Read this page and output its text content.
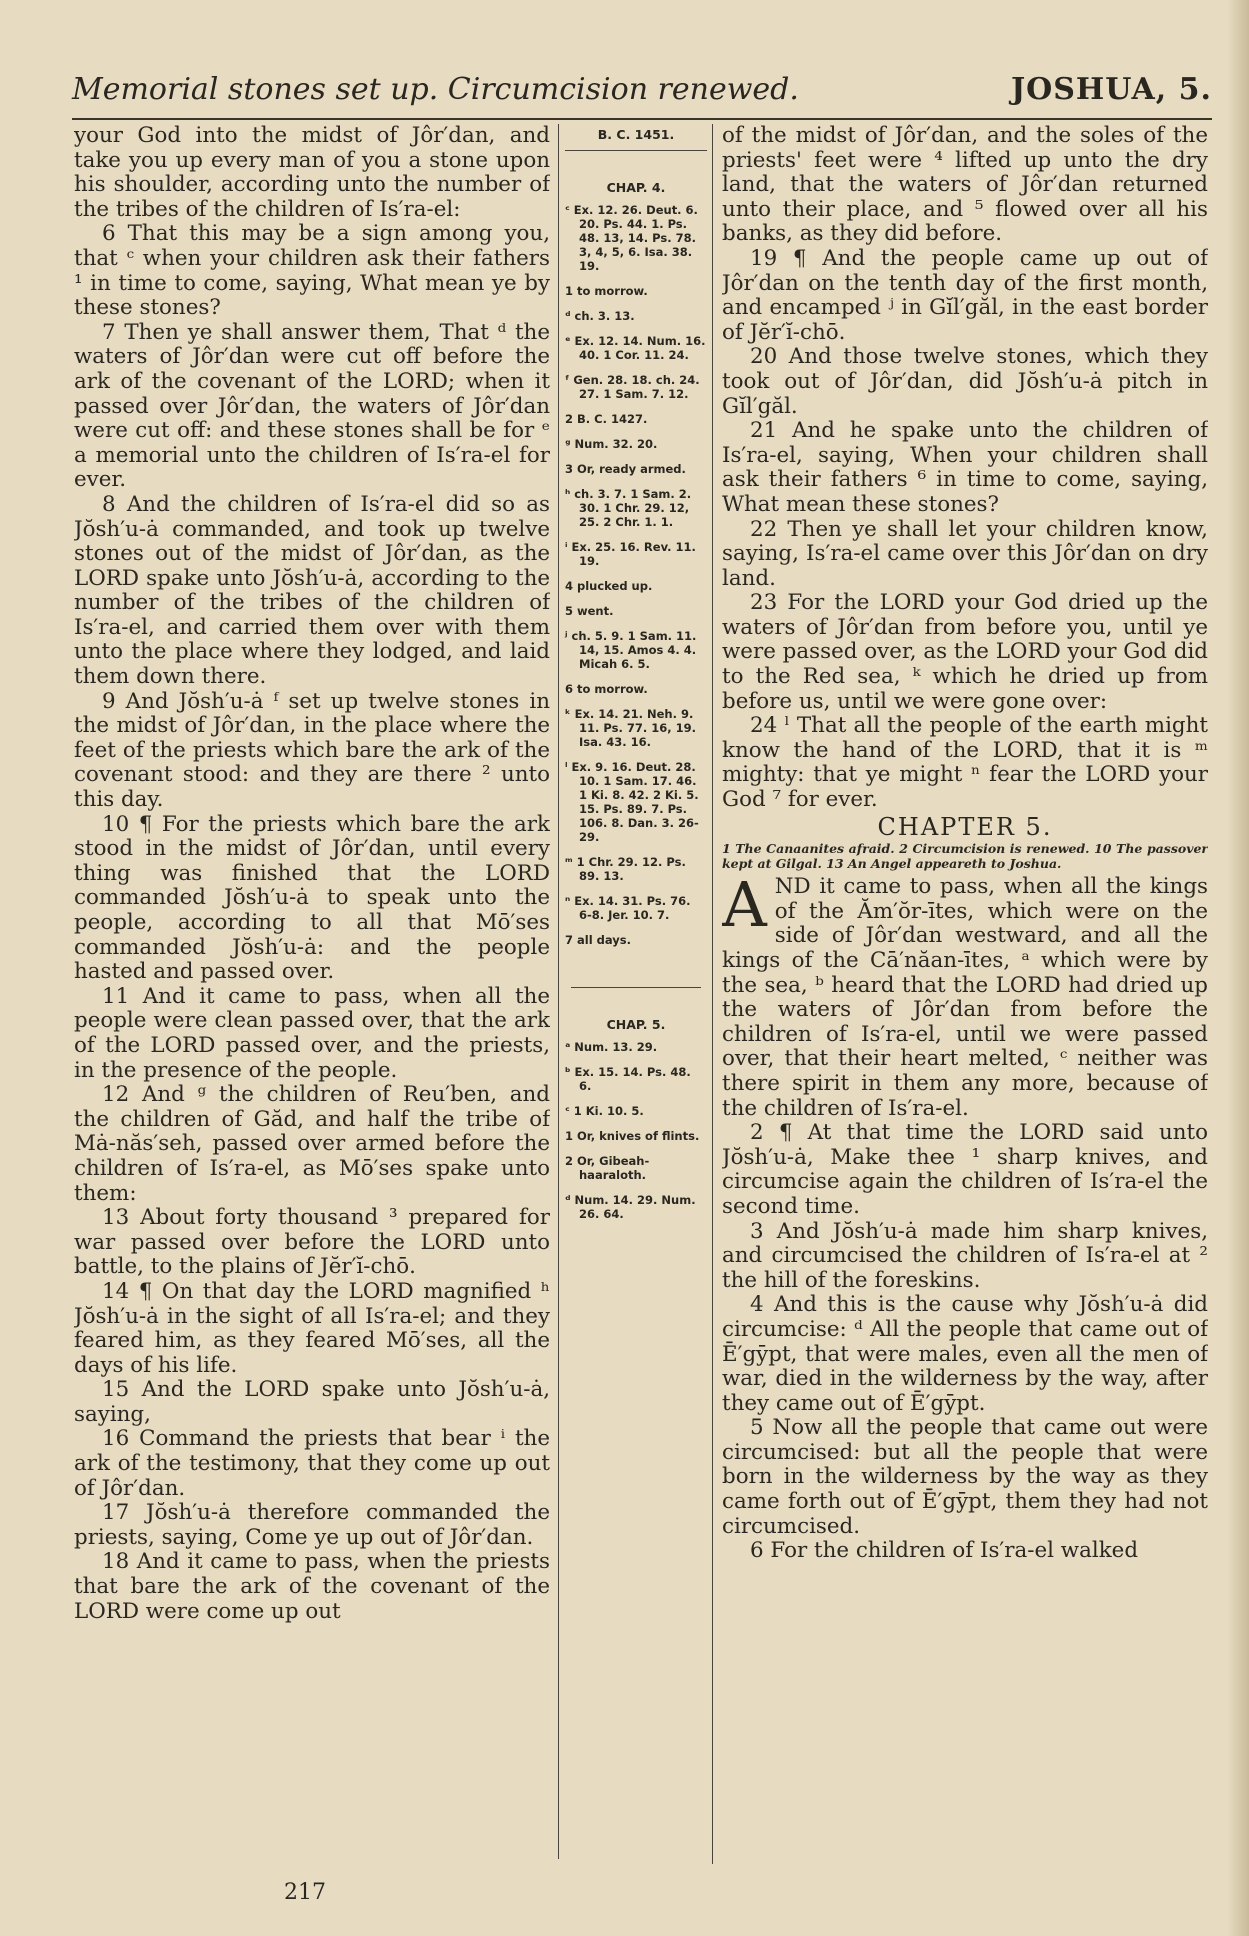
Memorial stones set up. Circumcision renewed.	JOSHUA, 5.

your God into the midst of Jôr′dan, and take you up every man of you a stone upon his shoulder, according unto the number of the tribes of the children of Is′ra-el:

6 That this may be a sign among you, that ᶜ when your children ask their fathers ¹ in time to come, saying, What mean ye by these stones?

7 Then ye shall answer them, That ᵈ the waters of Jôr′dan were cut off before the ark of the covenant of the LORD; when it passed over Jôr′dan, the waters of Jôr′dan were cut off: and these stones shall be for ᵉ a memorial unto the children of Is′ra-el for ever.

8 And the children of Is′ra-el did so as Jŏsh′u-ȧ commanded, and took up twelve stones out of the midst of Jôr′dan, as the LORD spake unto Jŏsh′u-ȧ, according to the number of the tribes of the children of Is′ra-el, and carried them over with them unto the place where they lodged, and laid them down there.

9 And Jŏsh′u-ȧ ᶠ set up twelve stones in the midst of Jôr′dan, in the place where the feet of the priests which bare the ark of the covenant stood: and they are there ² unto this day.

10 ¶ For the priests which bare the ark stood in the midst of Jôr′dan, until every thing was finished that the LORD commanded Jŏsh′u-ȧ to speak unto the people, according to all that Mō′ses commanded Jŏsh′u-ȧ: and the people hasted and passed over.

11 And it came to pass, when all the people were clean passed over, that the ark of the LORD passed over, and the priests, in the presence of the people.

12 And ᵍ the children of Reu′ben, and the children of Găd, and half the tribe of Mȧ-năs′seh, passed over armed before the children of Is′ra-el, as Mō′ses spake unto them:

13 About forty thousand ³ prepared for war passed over before the LORD unto battle, to the plains of Jĕr′ĭ-chō.

14 ¶ On that day the LORD magnified ʰ Jŏsh′u-ȧ in the sight of all Is′ra-el; and they feared him, as they feared Mō′ses, all the days of his life.

15 And the LORD spake unto Jŏsh′u-ȧ, saying,

16 Command the priests that bear ⁱ the ark of the testimony, that they come up out of Jôr′dan.

17 Jŏsh′u-ȧ therefore commanded the priests, saying, Come ye up out of Jôr′dan.

18 And it came to pass, when the priests that bare the ark of the covenant of the LORD were come up out

B. C. 1451.
CHAP. 4.
ᶜ Ex. 12. 26. Deut. 6. 20. Ps. 44. 1. Ps. 48. 13, 14. Ps. 78. 3, 4, 5, 6. Isa. 38. 19.
1 to morrow.
ᵈ ch. 3. 13.
ᵉ Ex. 12. 14. Num. 16. 40. 1 Cor. 11. 24.
ᶠ Gen. 28. 18. ch. 24. 27. 1 Sam. 7. 12.
2 B. C. 1427.
ᵍ Num. 32. 20.
3 Or, ready armed.
ʰ ch. 3. 7. 1 Sam. 2. 30. 1 Chr. 29. 12, 25. 2 Chr. 1. 1.
ⁱ Ex. 25. 16. Rev. 11. 19.
4 plucked up.
5 went.
ʲ ch. 5. 9. 1 Sam. 11. 14, 15. Amos 4. 4. Micah 6. 5.
6 to morrow.
ᵏ Ex. 14. 21. Neh. 9. 11. Ps. 77. 16, 19. Isa. 43. 16.
ˡ Ex. 9. 16. Deut. 28. 10. 1 Sam. 17. 46. 1 Ki. 8. 42. 2 Ki. 5. 15. Ps. 89. 7. Ps. 106. 8. Dan. 3. 26-29.
ᵐ 1 Chr. 29. 12. Ps. 89. 13.
ⁿ Ex. 14. 31. Ps. 76. 6-8. Jer. 10. 7.
7 all days.
CHAP. 5.
ᵃ Num. 13. 29.
ᵇ Ex. 15. 14. Ps. 48. 6.
ᶜ 1 Ki. 10. 5.
1 Or, knives of flints.
2 Or, Gibeah-haaraloth.
ᵈ Num. 14. 29. Num. 26. 64.

of the midst of Jôr′dan, and the soles of the priests' feet were ⁴ lifted up unto the dry land, that the waters of Jôr′dan returned unto their place, and ⁵ flowed over all his banks, as they did before.

19 ¶ And the people came up out of Jôr′dan on the tenth day of the first month, and encamped ʲ in Gĭl′găl, in the east border of Jĕr′ĭ-chō.

20 And those twelve stones, which they took out of Jôr′dan, did Jŏsh′u-ȧ pitch in Gĭl′găl.

21 And he spake unto the children of Is′ra-el, saying, When your children shall ask their fathers ⁶ in time to come, saying, What mean these stones?

22 Then ye shall let your children know, saying, Is′ra-el came over this Jôr′dan on dry land.

23 For the LORD your God dried up the waters of Jôr′dan from before you, until ye were passed over, as the LORD your God did to the Red sea, ᵏ which he dried up from before us, until we were gone over:

24 ˡ That all the people of the earth might know the hand of the LORD, that it is ᵐ mighty: that ye might ⁿ fear the LORD your God ⁷ for ever.

CHAPTER 5.
1 The Canaanites afraid. 2 Circumcision is renewed. 10 The passover kept at Gilgal. 13 An Angel appeareth to Joshua.
A ND it came to pass, when all the kings of the Ăm′ŏr-ītes, which were on the side of Jôr′dan westward, and all the kings of the Cā′năan-ītes, ᵃ which were by the sea, ᵇ heard that the LORD had dried up the waters of Jôr′dan from before the children of Is′ra-el, until we were passed over, that their heart melted, ᶜ neither was there spirit in them any more, because of the children of Is′ra-el.

2 ¶ At that time the LORD said unto Jŏsh′u-ȧ, Make thee ¹ sharp knives, and circumcise again the children of Is′ra-el the second time.

3 And Jŏsh′u-ȧ made him sharp knives, and circumcised the children of Is′ra-el at ² the hill of the foreskins.

4 And this is the cause why Jŏsh′u-ȧ did circumcise: ᵈ All the people that came out of Ē′gȳpt, that were males, even all the men of war, died in the wilderness by the way, after they came out of Ē′gȳpt.

5 Now all the people that came out were circumcised: but all the people that were born in the wilderness by the way as they came forth out of Ē′gȳpt, them they had not circumcised.

6 For the children of Is′ra-el walked

217
